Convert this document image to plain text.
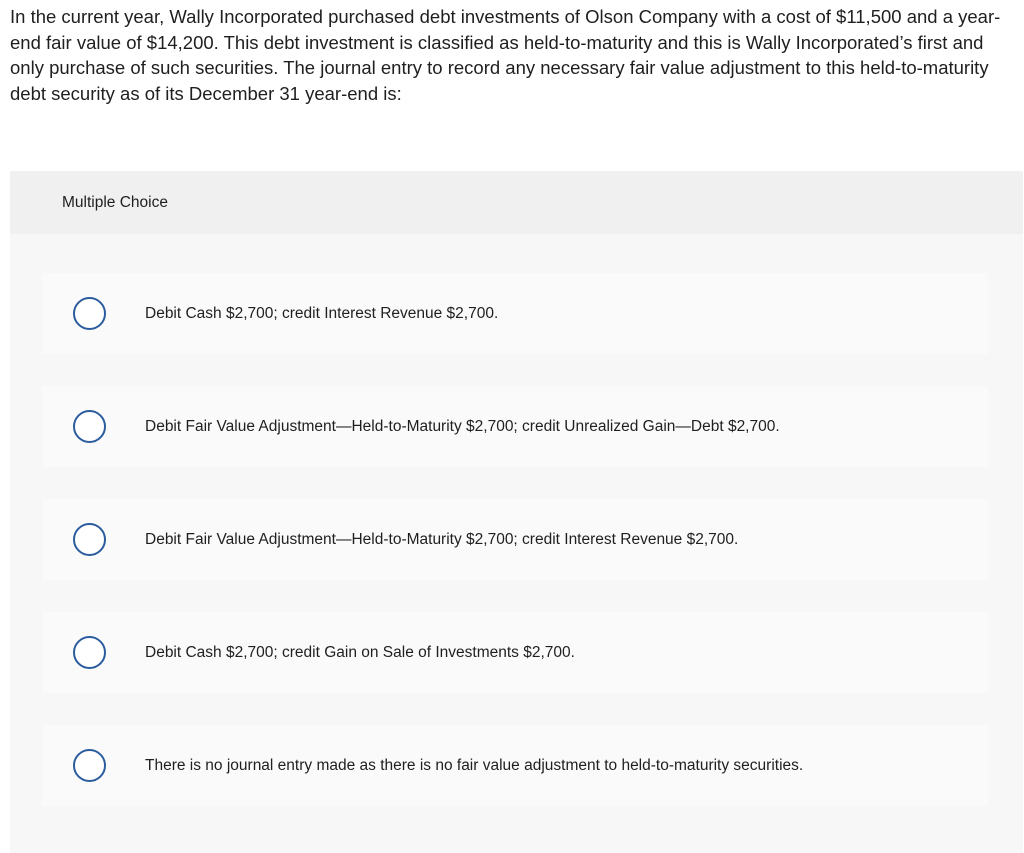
In the current year, Wally Incorporated purchased debt investments of Olson Company with a cost of $11,500 and a year-end fair value of $14,200. This debt investment is classified as held-to-maturity and this is Wally Incorporated’s first and only purchase of such securities. The journal entry to record any necessary fair value adjustment to this held-to-maturity debt security as of its December 31 year-end is:

Multiple Choice
Debit Cash $2,700; credit Interest Revenue $2,700.
Debit Fair Value Adjustment—Held-to-Maturity $2,700; credit Unrealized Gain—Debt $2,700.
Debit Fair Value Adjustment—Held-to-Maturity $2,700; credit Interest Revenue $2,700.
Debit Cash $2,700; credit Gain on Sale of Investments $2,700.
There is no journal entry made as there is no fair value adjustment to held-to-maturity securities.
